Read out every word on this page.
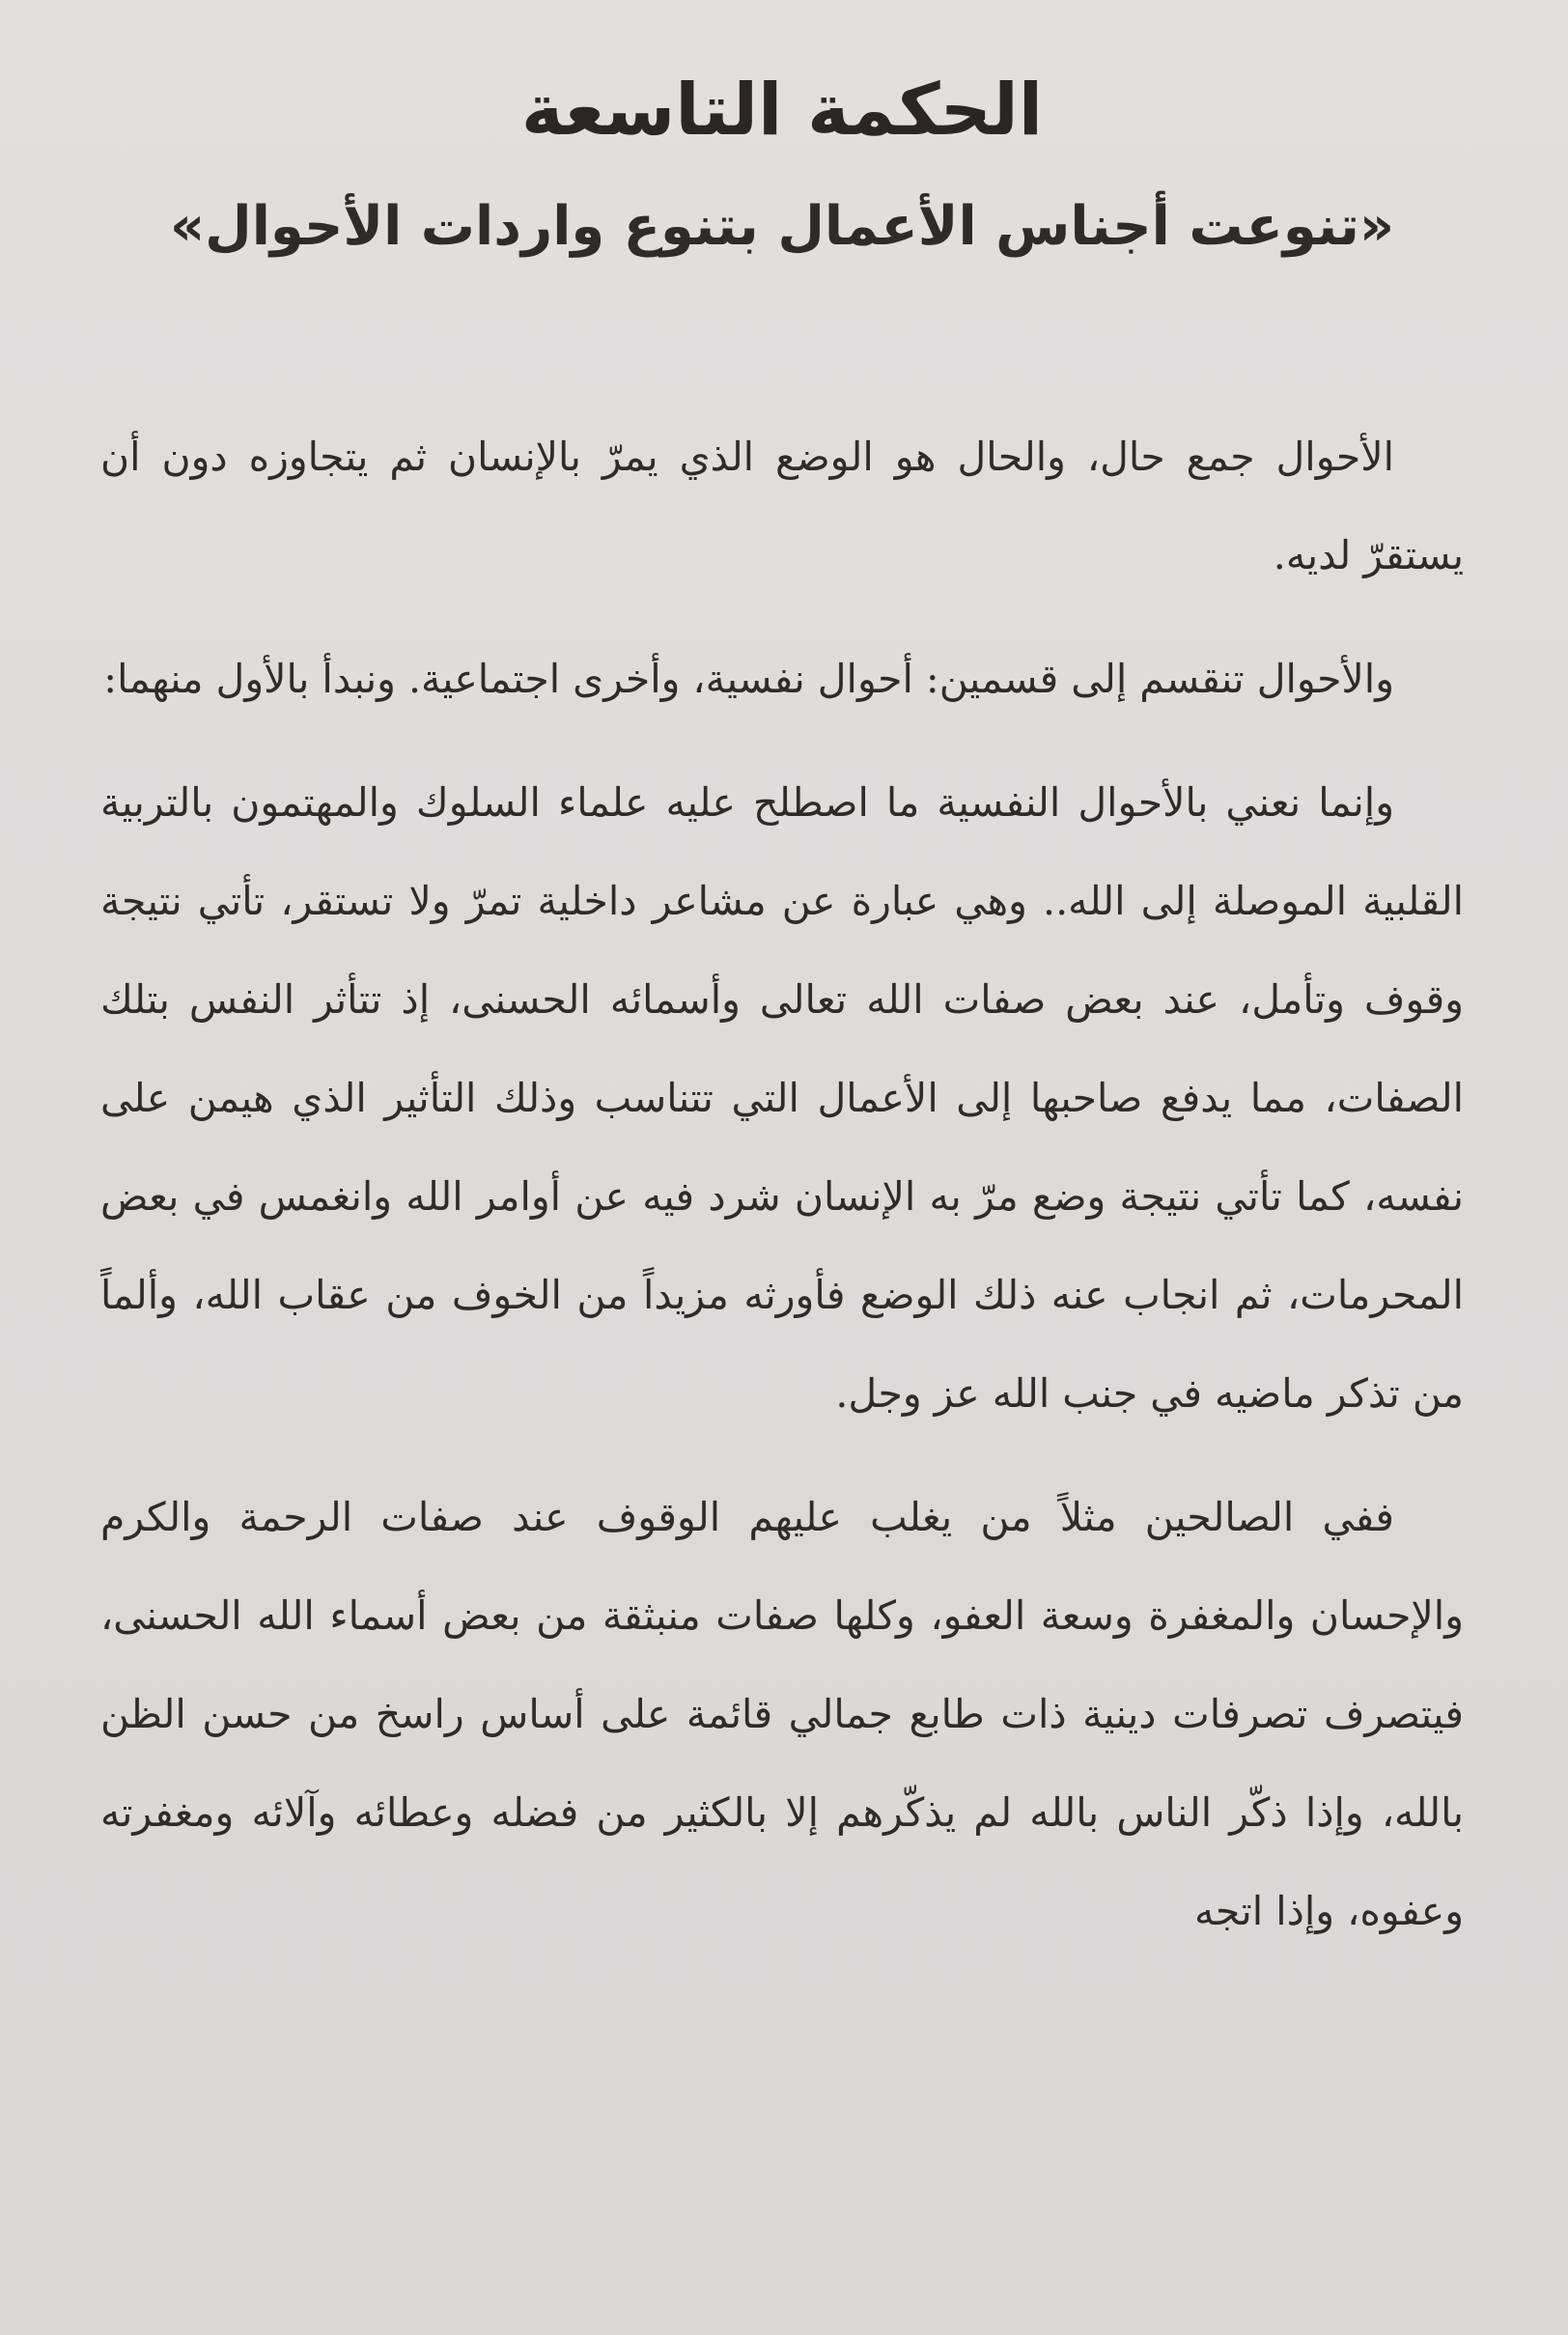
الحكمة التاسعة
«تنوعت أجناس الأعمال بتنوع واردات الأحوال»

الأحوال جمع حال، والحال هو الوضع الذي يمرّ بالإنسان ثم يتجاوزه دون أن يستقرّ لديه.

والأحوال تنقسم إلى قسمين: أحوال نفسية، وأخرى اجتماعية. ونبدأ بالأول منهما:

وإنما نعني بالأحوال النفسية ما اصطلح عليه علماء السلوك والمهتمون بالتربية القلبية الموصلة إلى الله.. وهي عبارة عن مشاعر داخلية تمرّ ولا تستقر، تأتي نتيجة وقوف وتأمل، عند بعض صفات الله تعالى وأسمائه الحسنى، إذ تتأثر النفس بتلك الصفات، مما يدفع صاحبها إلى الأعمال التي تتناسب وذلك التأثير الذي هيمن على نفسه، كما تأتي نتيجة وضع مرّ به الإنسان شرد فيه عن أوامر الله وانغمس في بعض المحرمات، ثم انجاب عنه ذلك الوضع فأورثه مزيداً من الخوف من عقاب الله، وألماً من تذكر ماضيه في جنب الله عز وجل.

ففي الصالحين مثلاً من يغلب عليهم الوقوف عند صفات الرحمة والكرم والإحسان والمغفرة وسعة العفو، وكلها صفات منبثقة من بعض أسماء الله الحسنى، فيتصرف تصرفات دينية ذات طابع جمالي قائمة على أساس راسخ من حسن الظن بالله، وإذا ذكّر الناس بالله لم يذكّرهم إلا بالكثير من فضله وعطائه وآلائه ومغفرته وعفوه، وإذا اتجه
